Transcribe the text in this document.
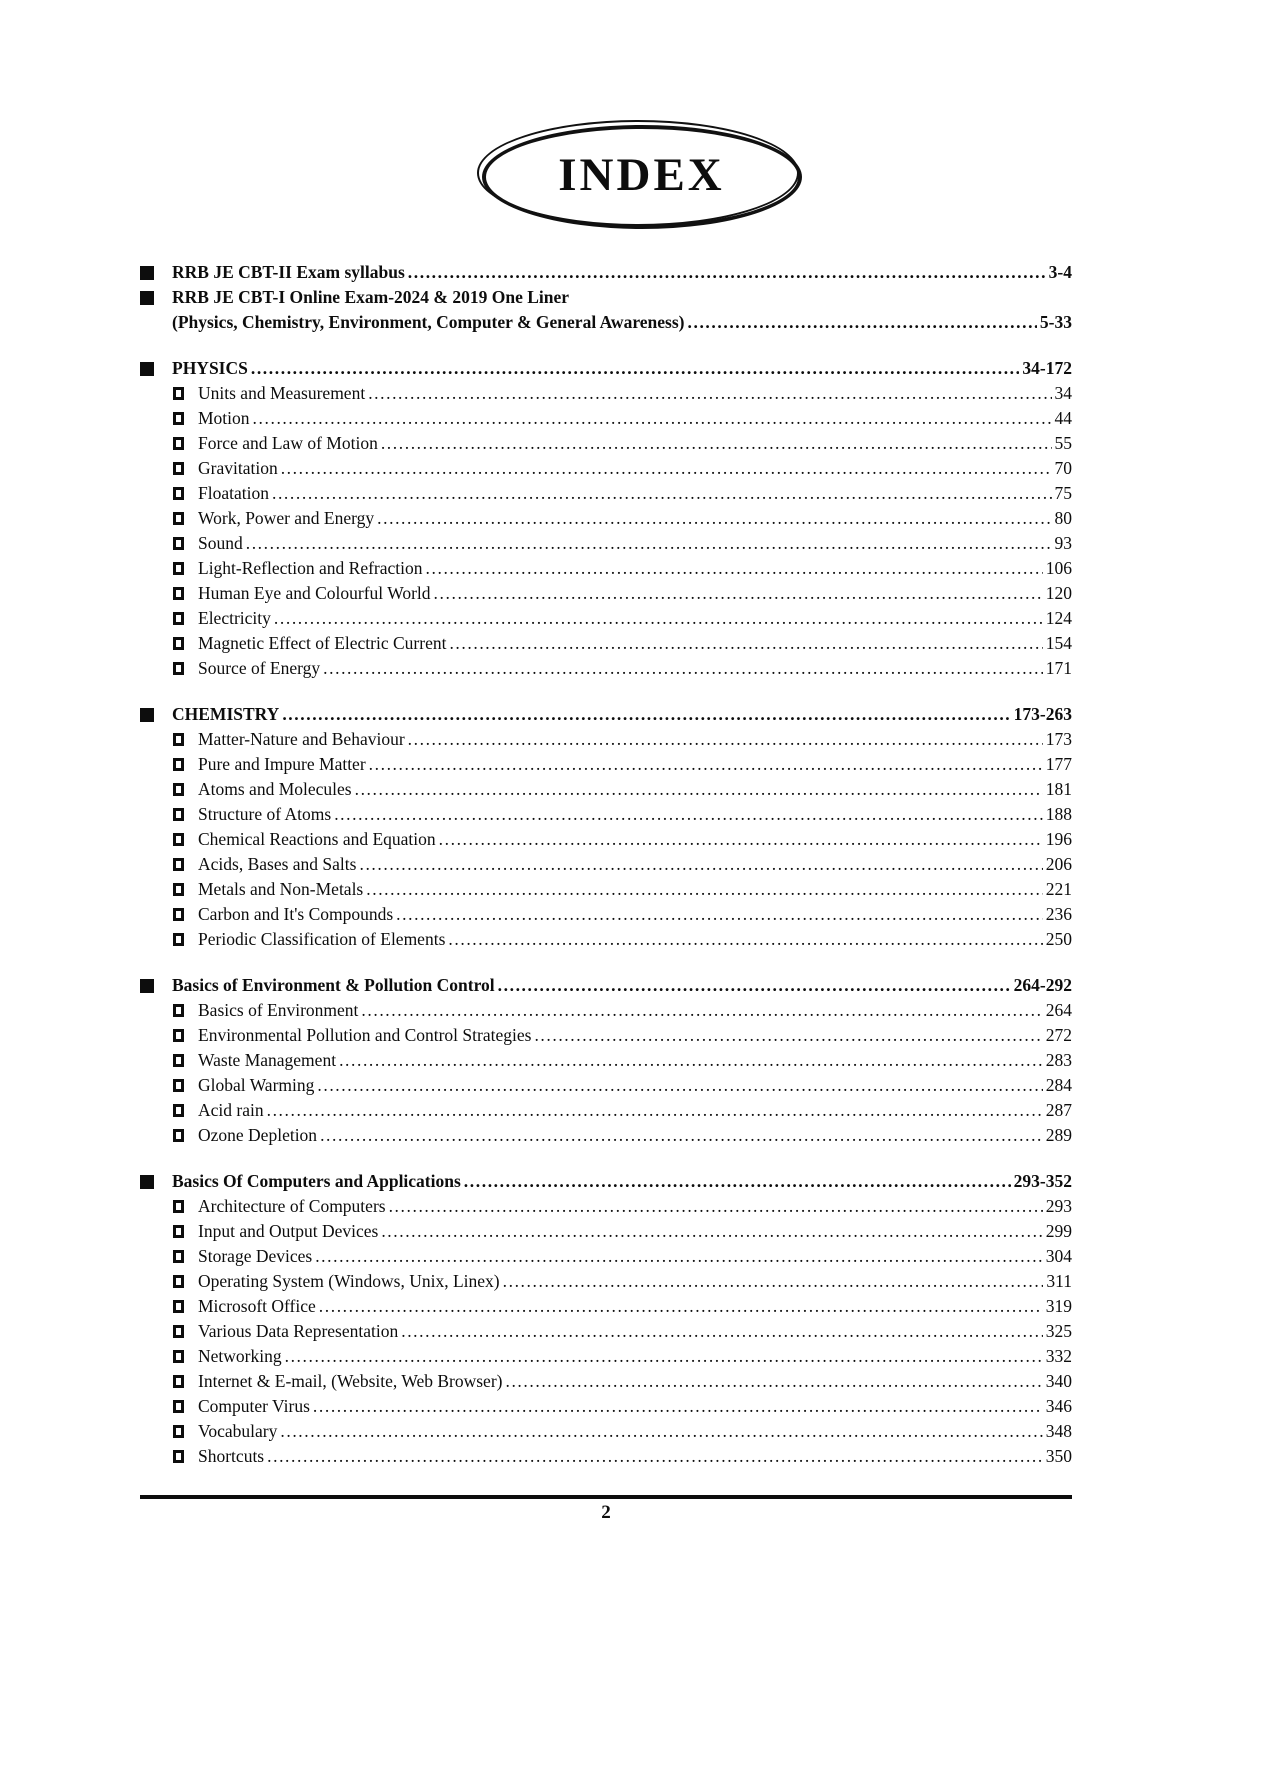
INDEX
RRB JE CBT-II Exam syllabus .....	3-4
RRB JE CBT-I Online Exam-2024 & 2019 One Liner
(Physics, Chemistry, Environment, Computer & General Awareness) .....	5-33
PHYSICS .....	34-172
Units and Measurement .....	34
Motion .....	44
Force and Law of Motion .....	55
Gravitation .....	70
Floatation .....	75
Work, Power and Energy .....	80
Sound .....	93
Light-Reflection and Refraction .....	106
Human Eye and Colourful World .....	120
Electricity .....	124
Magnetic Effect of Electric Current .....	154
Source of Energy .....	171
CHEMISTRY .....	173-263
Matter-Nature and Behaviour .....	173
Pure and Impure Matter .....	177
Atoms and Molecules .....	181
Structure of Atoms .....	188
Chemical Reactions and Equation .....	196
Acids, Bases and Salts .....	206
Metals and Non-Metals .....	221
Carbon and It's Compounds .....	236
Periodic Classification of Elements .....	250
Basics of Environment & Pollution Control .....	264-292
Basics of Environment .....	264
Environmental Pollution and Control Strategies .....	272
Waste Management .....	283
Global Warming .....	284
Acid rain .....	287
Ozone Depletion .....	289
Basics Of Computers and Applications .....	293-352
Architecture of Computers .....	293
Input and Output Devices .....	299
Storage Devices .....	304
Operating System (Windows, Unix, Linex) .....	311
Microsoft Office .....	319
Various Data Representation .....	325
Networking .....	332
Internet & E-mail, (Website, Web Browser) .....	340
Computer Virus .....	346
Vocabulary .....	348
Shortcuts .....	350
2
